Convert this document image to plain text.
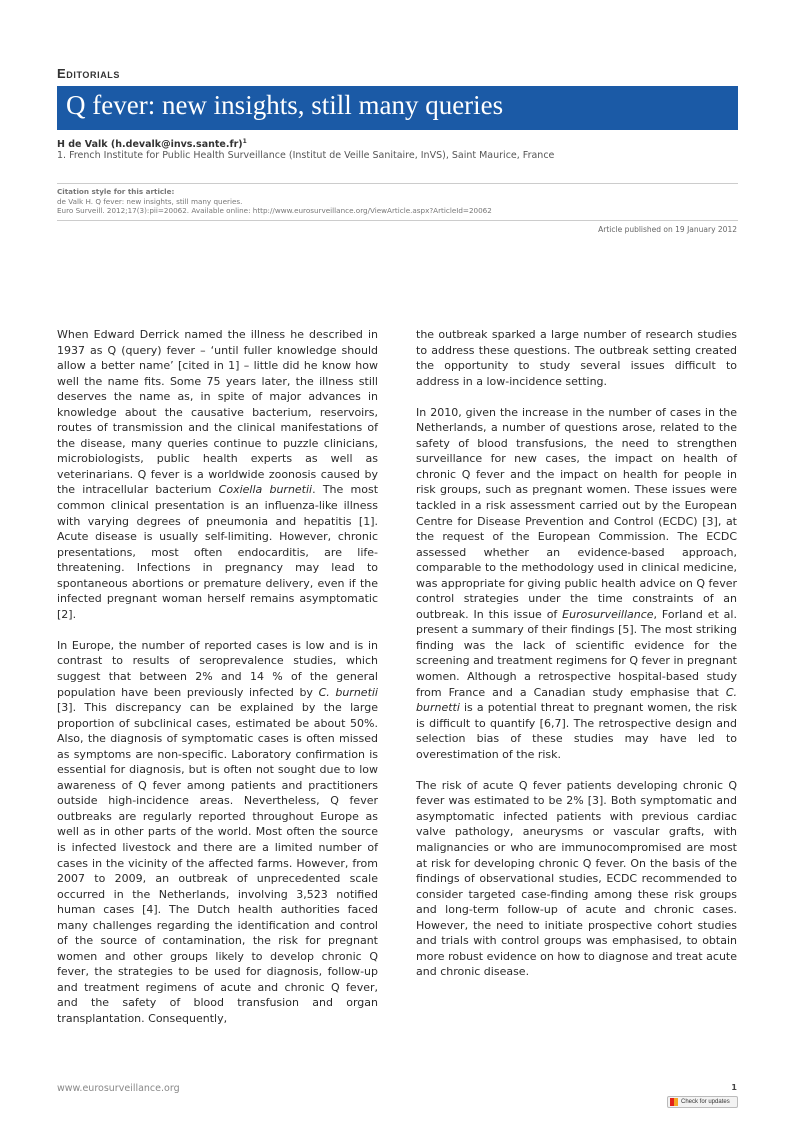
Editorials
Q fever: new insights, still many queries
H de Valk (h.devalk@invs.sante.fr)$^1$
1. French Institute for Public Health Surveillance (Institut de Veille Sanitaire, InVS), Saint Maurice, France
Citation style for this article:
de Valk H. Q fever: new insights, still many queries.
Euro Surveill. 2012;17(3):pii=20062. Available online: http://www.eurosurveillance.org/ViewArticle.aspx?ArticleId=20062
Article published on 19 January 2012

When Edward Derrick named the illness he described in 1937 as Q (query) fever – ‘until fuller knowledge should allow a better name’ [cited in 1] – little did he know how well the name fits. Some 75 years later, the illness still deserves the name as, in spite of major advances in knowledge about the causative bacterium, reservoirs, routes of transmission and the clinical manifestations of the disease, many queries continue to puzzle clinicians, microbiologists, public health experts as well as veterinarians. Q fever is a worldwide zoonosis caused by the intracellular bacterium Coxiella burnetii. The most common clinical presentation is an influenza-like illness with varying degrees of pneumonia and hepatitis [1]. Acute disease is usually self-limiting. However, chronic presentations, most often endocarditis, are life-threatening. Infections in pregnancy may lead to spontaneous abortions or premature delivery, even if the infected pregnant woman herself remains asymptomatic [2].

In Europe, the number of reported cases is low and is in contrast to results of seroprevalence studies, which suggest that between 2% and 14 % of the general population have been previously infected by C. burnetii [3]. This discrepancy can be explained by the large proportion of subclinical cases, estimated be about 50%. Also, the diagnosis of symptomatic cases is often missed as symptoms are non-specific. Laboratory confirmation is essential for diagnosis, but is often not sought due to low awareness of Q fever among patients and practitioners outside high-incidence areas. Nevertheless, Q fever outbreaks are regularly reported throughout Europe as well as in other parts of the world. Most often the source is infected livestock and there are a limited number of cases in the vicinity of the affected farms. However, from 2007 to 2009, an outbreak of unprecedented scale occurred in the Netherlands, involving 3,523 notified human cases [4]. The Dutch health authorities faced many challenges regarding the identification and control of the source of contamination, the risk for pregnant women and other groups likely to develop chronic Q fever, the strategies to be used for diagnosis, follow-up and treatment regimens of acute and chronic Q fever, and the safety of blood transfusion and organ transplantation. Consequently,

the outbreak sparked a large number of research studies to address these questions. The outbreak setting created the opportunity to study several issues difficult to address in a low-incidence setting.

In 2010, given the increase in the number of cases in the Netherlands, a number of questions arose, related to the safety of blood transfusions, the need to strengthen surveillance for new cases, the impact on health of chronic Q fever and the impact on health for people in risk groups, such as pregnant women. These issues were tackled in a risk assessment carried out by the European Centre for Disease Prevention and Control (ECDC) [3], at the request of the European Commission. The ECDC assessed whether an evidence-based approach, comparable to the methodology used in clinical medicine, was appropriate for giving public health advice on Q fever control strategies under the time constraints of an outbreak. In this issue of Eurosurveillance, Forland et al. present a summary of their findings [5]. The most striking finding was the lack of scientific evidence for the screening and treatment regimens for Q fever in pregnant women. Although a retrospective hospital-based study from France and a Canadian study emphasise that C. burnetti is a potential threat to pregnant women, the risk is difficult to quantify [6,7]. The retrospective design and selection bias of these studies may have led to overestimation of the risk.

The risk of acute Q fever patients developing chronic Q fever was estimated to be 2% [3]. Both symptomatic and asymptomatic infected patients with previous cardiac valve pathology, aneurysms or vascular grafts, with malignancies or who are immunocompromised are most at risk for developing chronic Q fever. On the basis of the findings of observational studies, ECDC recommended to consider targeted case-finding among these risk groups and long-term follow-up of acute and chronic cases. However, the need to initiate prospective cohort studies and trials with control groups was emphasised, to obtain more robust evidence on how to diagnose and treat acute and chronic disease.

www.eurosurveillance.org	1
Check for updates
